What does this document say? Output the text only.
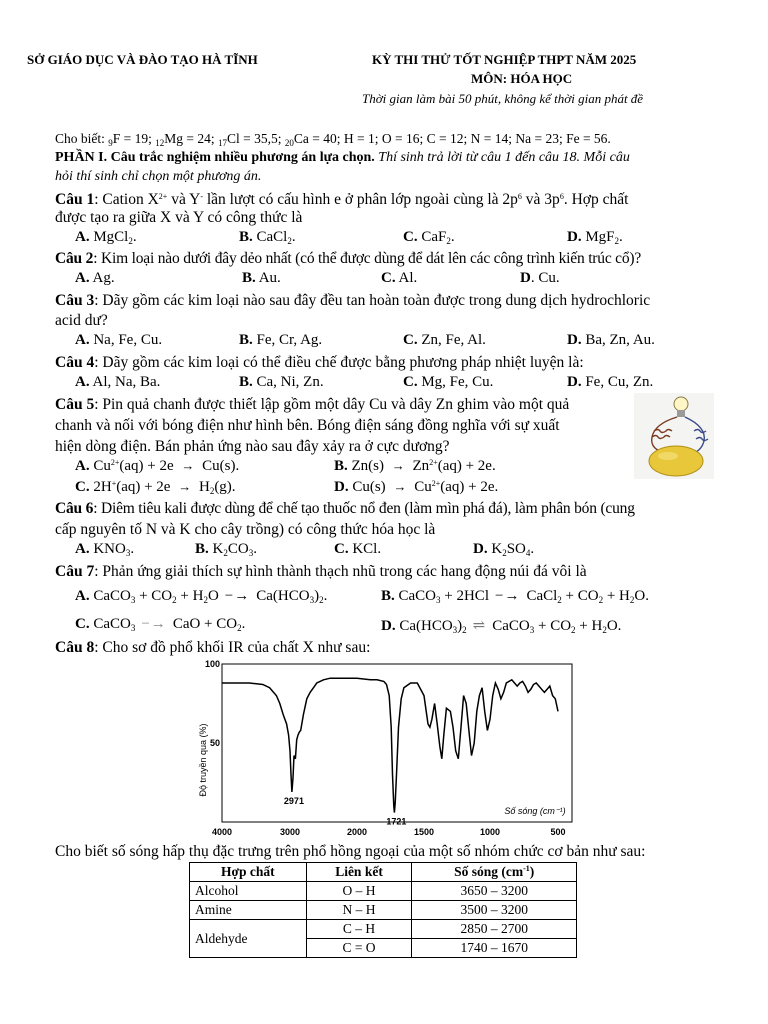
SỞ GIÁO DỤC VÀ ĐÀO TẠO HÀ TĨNH	KỲ THI THỬ TỐT NGHIỆP THPT NĂM 2025
MÔN: HÓA HỌC
Thời gian làm bài 50 phút, không kể thời gian phát đề
Cho biết: $_9$F = 19; $_{12}$Mg = 24; $_{17}$Cl = 35,5; $_{20}$Ca = 40; H = 1; O = 16; C = 12; N = 14; Na = 23; Fe = 56.
PHẦN I. Câu trắc nghiệm nhiều phương án lựa chọn. Thí sinh trả lời từ câu 1 đến câu 18. Mỗi câu
hỏi thí sinh chỉ chọn một phương án.
Câu 1: Cation $X^{2+}$ và Y- lần lượt có cấu hình e ở phân lớp ngoài cùng là $2p^6$ và $3p^6$. Hợp chất
được tạo ra giữa X và Y có công thức là
A. MgCl$_2$.	B. CaCl$_2$.	C. CaF$_2$.	D. MgF$_2$.
Câu 2: Kim loại nào dưới đây dẻo nhất (có thể được dùng để dát lên các công trình kiến trúc cổ)?
A. Ag.	B. Au.	C. Al.	D. Cu.
Câu 3: Dãy gồm các kim loại nào sau đây đều tan hoàn toàn được trong dung dịch hydrochloric
acid dư?
A. Na, Fe, Cu.	B. Fe, Cr, Ag.	C. Zn, Fe, Al.	D. Ba, Zn, Au.
Câu 4: Dãy gồm các kim loại có thể điều chế được bằng phương pháp nhiệt luyện là:
A. Al, Na, Ba.	B. Ca, Ni, Zn.	C. Mg, Fe, Cu.	D. Fe, Cu, Zn.
Câu 5: Pin quả chanh được thiết lập gồm một dây Cu và dây Zn ghim vào một quả
chanh và nối với bóng điện như hình bên. Bóng điện sáng đồng nghĩa với sự xuất
hiện dòng điện. Bán phản ứng nào sau đây xảy ra ở cực dương?
A. $Cu^{2+}(aq) + 2e \to Cu(s)$.	B. $Zn(s) \to Zn^{2+}(aq) + 2e$.
C. $2H^+(aq) + 2e \to H_2(g)$.	D. $Cu(s) \to Cu^{2+}(aq) + 2e$.
Câu 6: Diêm tiêu kali được dùng để chế tạo thuốc nổ đen (làm mìn phá đá), làm phân bón (cung
cấp nguyên tố N và K cho cây trồng) có công thức hóa học là
A. $KNO_3$.	B. $K_2CO_3$.	C. KCl.	D. $K_2SO_4$.
Câu 7: Phản ứng giải thích sự hình thành thạch nhũ trong các hang động núi đá vôi là
A. CaCO$_3$ + $CO_2 + H_2O -\to Ca(HCO_3)_2$.	B. CaCO$_3$ + 2HCl −→ CaCl$_2$ + $CO_2 + H_2O$.
C. CaCO$_3$ −→ CaO + $CO_2$.	D. $Ca(HCO_3)_2$ ⇌ CaCO$_3$ + $CO_2 + H_2O$.
Câu 8: Cho sơ đồ phổ khối IR của chất X như sau:
4000	3000	2000	1500	1000	500
100
50
2971
1721
Độ truyền qua (%)
Số sóng (cm⁻¹)
Cho biết số sóng hấp thụ đặc trưng trên phổ hồng ngoại của một số nhóm chức cơ bản như sau:
Hợp chất	Liên kết	Số sóng $(cm^{-1})$
Alcohol	O – H	3650 – 3200
Amine	N – H	3500 – 3200
Aldehyde	C – H	2850 – 2700
	C = O	1740 – 1670
